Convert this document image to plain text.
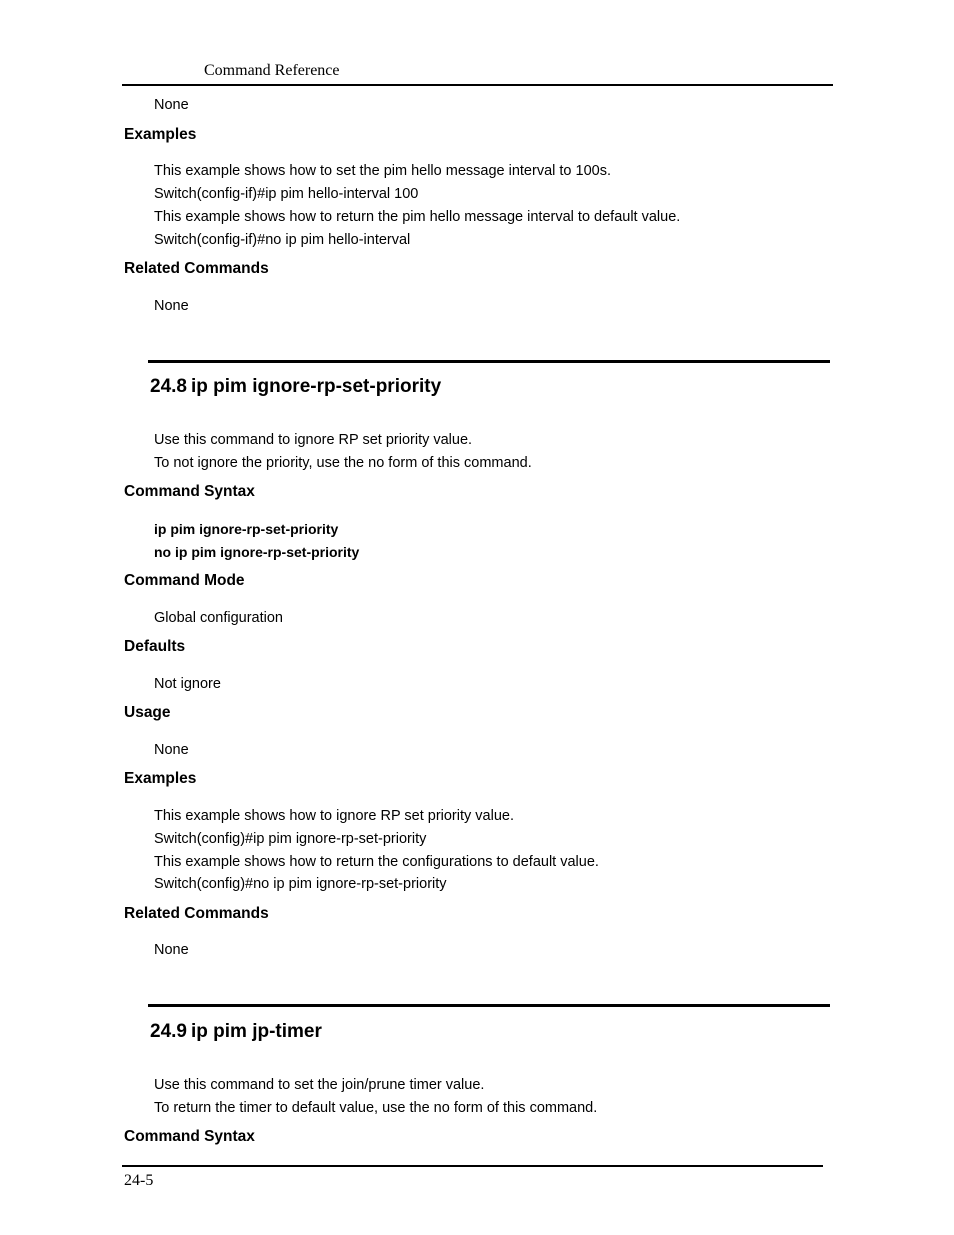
Command Reference
None
Examples
This example shows how to set the pim hello message interval to 100s.
Switch(config-if)#ip pim hello-interval 100
This example shows how to return the pim hello message interval to default value.
Switch(config-if)#no ip pim hello-interval
Related Commands
None
24.8 ip pim ignore-rp-set-priority
Use this command to ignore RP set priority value.
To not ignore the priority, use the no form of this command.
Command Syntax
ip pim ignore-rp-set-priority
no ip pim ignore-rp-set-priority
Command Mode
Global configuration
Defaults
Not ignore
Usage
None
Examples
This example shows how to ignore RP set priority value.
Switch(config)#ip pim ignore-rp-set-priority
This example shows how to return the configurations to default value.
Switch(config)#no ip pim ignore-rp-set-priority
Related Commands
None
24.9 ip pim jp-timer
Use this command to set the join/prune timer value.
To return the timer to default value, use the no form of this command.
Command Syntax
24-5
